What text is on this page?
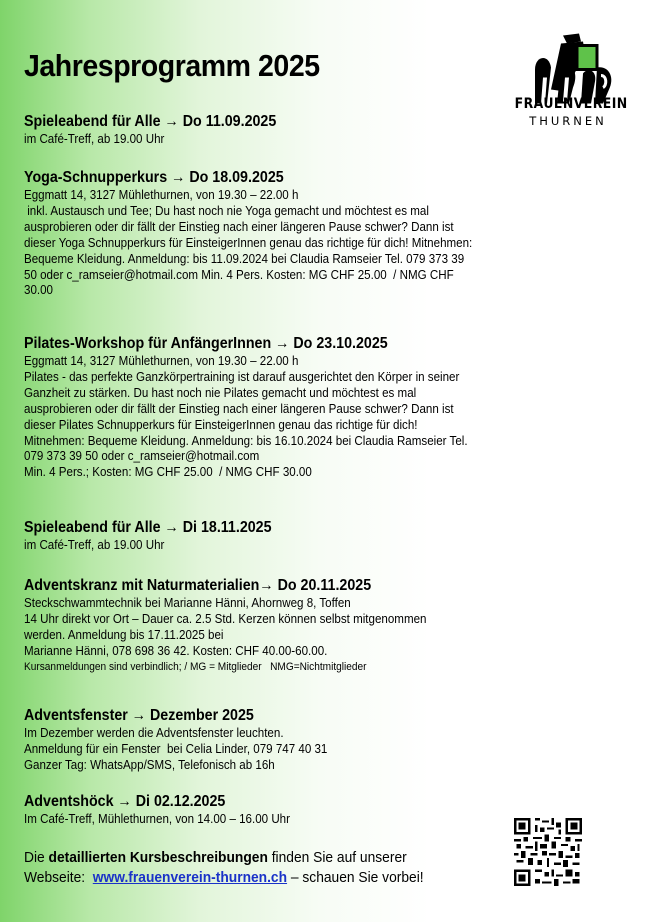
Jahresprogramm 2025
FRAUENVEREIN
THURNEN
Spieleabend für Alle → Do 11.09.2025

im Café-Treff, ab 19.00 Uhr

Yoga-Schnupperkurs → Do 18.09.2025

Eggmatt 14, 3127 Mühlethurnen, von 19.30 – 22.00 h

inkl. Austausch und Tee; Du hast noch nie Yoga gemacht und möchtest es mal

ausprobieren oder dir fällt der Einstieg nach einer längeren Pause schwer? Dann ist

dieser Yoga Schnupperkurs für EinsteigerInnen genau das richtige für dich! Mitnehmen:

Bequeme Kleidung. Anmeldung: bis 11.09.2024 bei Claudia Ramseier Tel. 079 373 39

50 oder c_ramseier@hotmail.com Min. 4 Pers. Kosten: MG CHF 25.00  / NMG CHF

30.00

Pilates-Workshop für AnfängerInnen → Do 23.10.2025

Eggmatt 14, 3127 Mühlethurnen, von 19.30 – 22.00 h

Pilates - das perfekte Ganzkörpertraining ist darauf ausgerichtet den Körper in seiner

Ganzheit zu stärken. Du hast noch nie Pilates gemacht und möchtest es mal

ausprobieren oder dir fällt der Einstieg nach einer längeren Pause schwer? Dann ist

dieser Pilates Schnupperkurs für EinsteigerInnen genau das richtige für dich!

Mitnehmen: Bequeme Kleidung. Anmeldung: bis 16.10.2024 bei Claudia Ramseier Tel.

079 373 39 50 oder c_ramseier@hotmail.com

Min. 4 Pers.; Kosten: MG CHF 25.00  / NMG CHF 30.00

Spieleabend für Alle → Di 18.11.2025

im Café-Treff, ab 19.00 Uhr

Adventskranz mit Naturmaterialien→ Do 20.11.2025

Steckschwammtechnik bei Marianne Hänni, Ahornweg 8, Toffen

14 Uhr direkt vor Ort – Dauer ca. 2.5 Std. Kerzen können selbst mitgenommen

werden. Anmeldung bis 17.11.2025 bei

Marianne Hänni, 078 698 36 42. Kosten: CHF 40.00-60.00.

Kursanmeldungen sind verbindlich; / MG = Mitglieder   NMG=Nichtmitglieder

Adventsfenster → Dezember 2025

Im Dezember werden die Adventsfenster leuchten.

Anmeldung für ein Fenster  bei Celia Linder, 079 747 40 31

Ganzer Tag: WhatsApp/SMS, Telefonisch ab 16h

Adventshöck → Di 02.12.2025

Im Café-Treff, Mühlethurnen, von 14.00 – 16.00 Uhr

Die detaillierten Kursbeschreibungen finden Sie auf unserer
Webseite:  www.frauenverein-thurnen.ch – schauen Sie vorbei!
